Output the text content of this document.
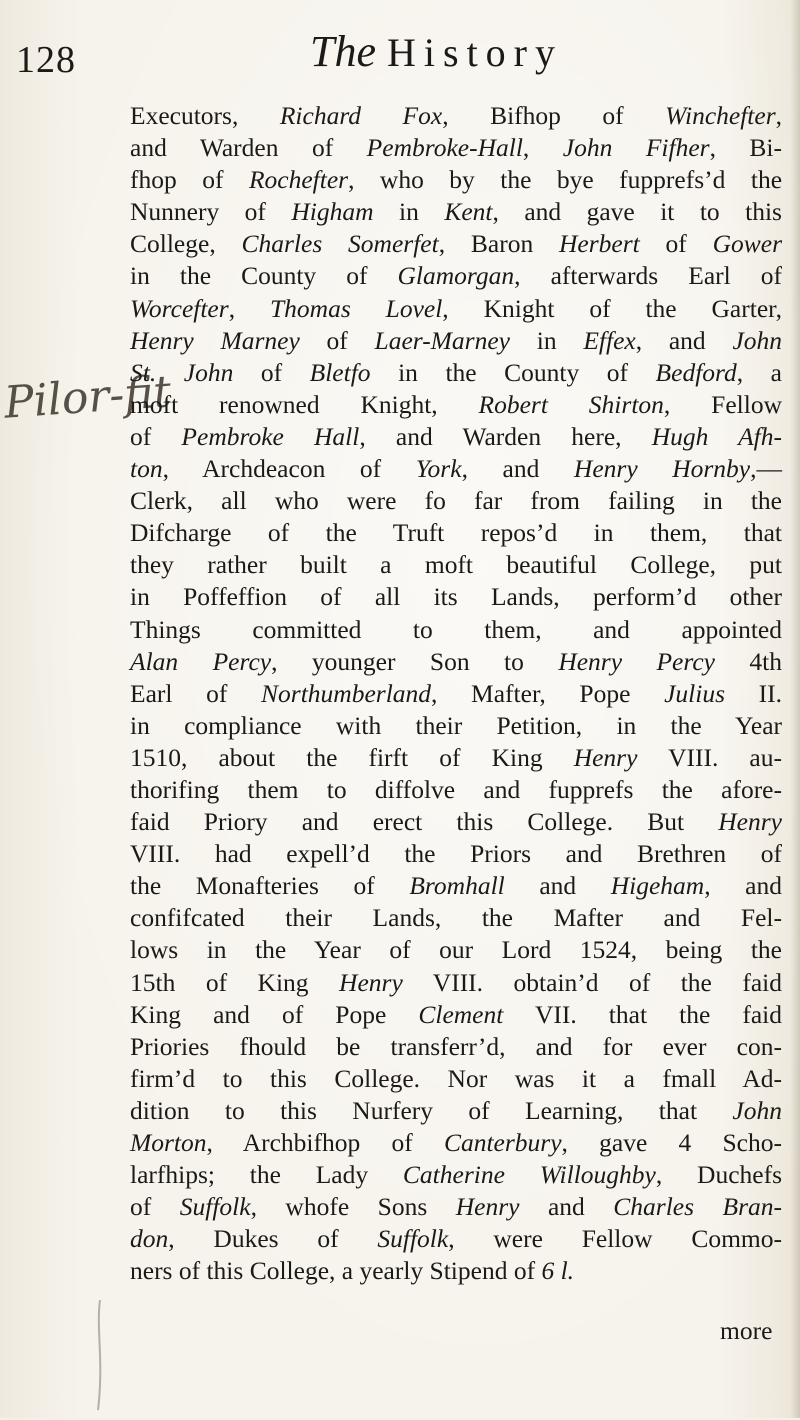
128	The History
Pilor-fit
Executors, Richard Fox, Bifhop of Winchefter,
and Warden of Pembroke-Hall, John Fifher, Bi-
fhop of Rochefter, who by the bye fupprefs’d the
Nunnery of Higham in Kent, and gave it to this
College, Charles Somerfet, Baron Herbert of Gower
in the County of Glamorgan, afterwards Earl of
Worcefter, Thomas Lovel, Knight of the Garter,
Henry Marney of Laer-Marney in Effex, and John
St. John of Bletfo in the County of Bedford, a
moft renowned Knight, Robert Shirton, Fellow
of Pembroke Hall, and Warden here, Hugh Afh-
ton, Archdeacon of York, and Henry Hornby,—
Clerk, all who were fo far from failing in the
Difcharge of the Truft repos’d in them, that
they rather built a moft beautiful College, put
in Poffeffion of all its Lands, perform’d other
Things committed to them, and appointed
Alan Percy, younger Son to Henry Percy 4th
Earl of Northumberland, Mafter, Pope Julius II.
in compliance with their Petition, in the Year
1510, about the firft of King Henry VIII. au-
thorifing them to diffolve and fupprefs the afore-
faid Priory and erect this College. But Henry
VIII. had expell’d the Priors and Brethren of
the Monafteries of Bromhall and Higeham, and
confifcated their Lands, the Mafter and Fel-
lows in the Year of our Lord 1524, being the
15th of King Henry VIII. obtain’d of the faid
King and of Pope Clement VII. that the faid
Priories fhould be transferr’d, and for ever con-
firm’d to this College. Nor was it a fmall Ad-
dition to this Nurfery of Learning, that John
Morton, Archbifhop of Canterbury, gave 4 Scho-
larfhips; the Lady Catherine Willoughby, Duchefs
of Suffolk, whofe Sons Henry and Charles Bran-
don, Dukes of Suffolk, were Fellow Commo-
ners of this College, a yearly Stipend of 6 l.
more
